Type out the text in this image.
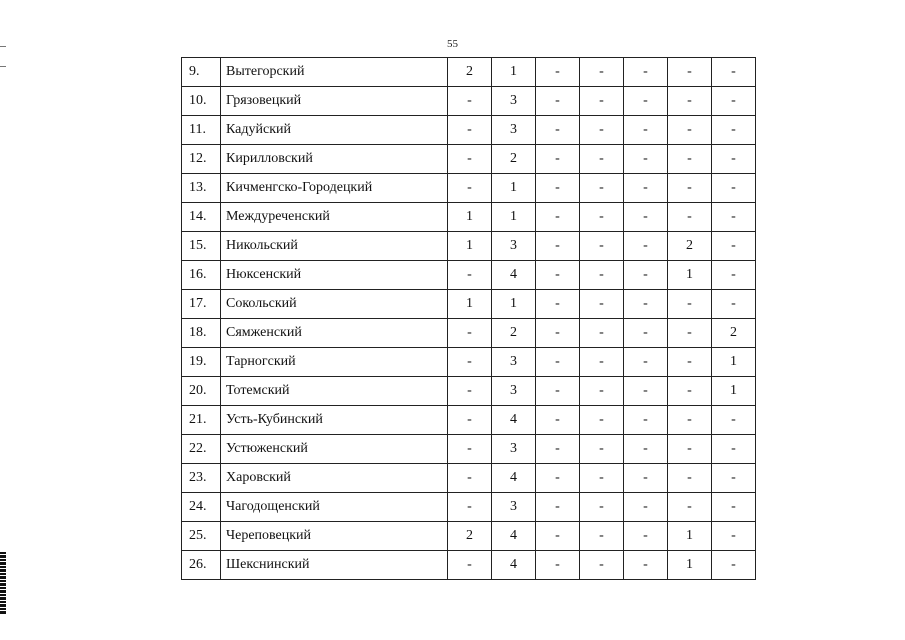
55
9.	Вытегорский	2	1	-	-	-	-	-
10.	Грязовецкий	-	3	-	-	-	-	-
11.	Кадуйский	-	3	-	-	-	-	-
12.	Кирилловский	-	2	-	-	-	-	-
13.	Кичменгско-Городецкий	-	1	-	-	-	-	-
14.	Междуреченский	1	1	-	-	-	-	-
15.	Никольский	1	3	-	-	-	2	-
16.	Нюксенский	-	4	-	-	-	1	-
17.	Сокольский	1	1	-	-	-	-	-
18.	Сямженский	-	2	-	-	-	-	2
19.	Тарногский	-	3	-	-	-	-	1
20.	Тотемский	-	3	-	-	-	-	1
21.	Усть-Кубинский	-	4	-	-	-	-	-
22.	Устюженский	-	3	-	-	-	-	-
23.	Харовский	-	4	-	-	-	-	-
24.	Чагодощенский	-	3	-	-	-	-	-
25.	Череповецкий	2	4	-	-	-	1	-
26.	Шекснинский	-	4	-	-	-	1	-
